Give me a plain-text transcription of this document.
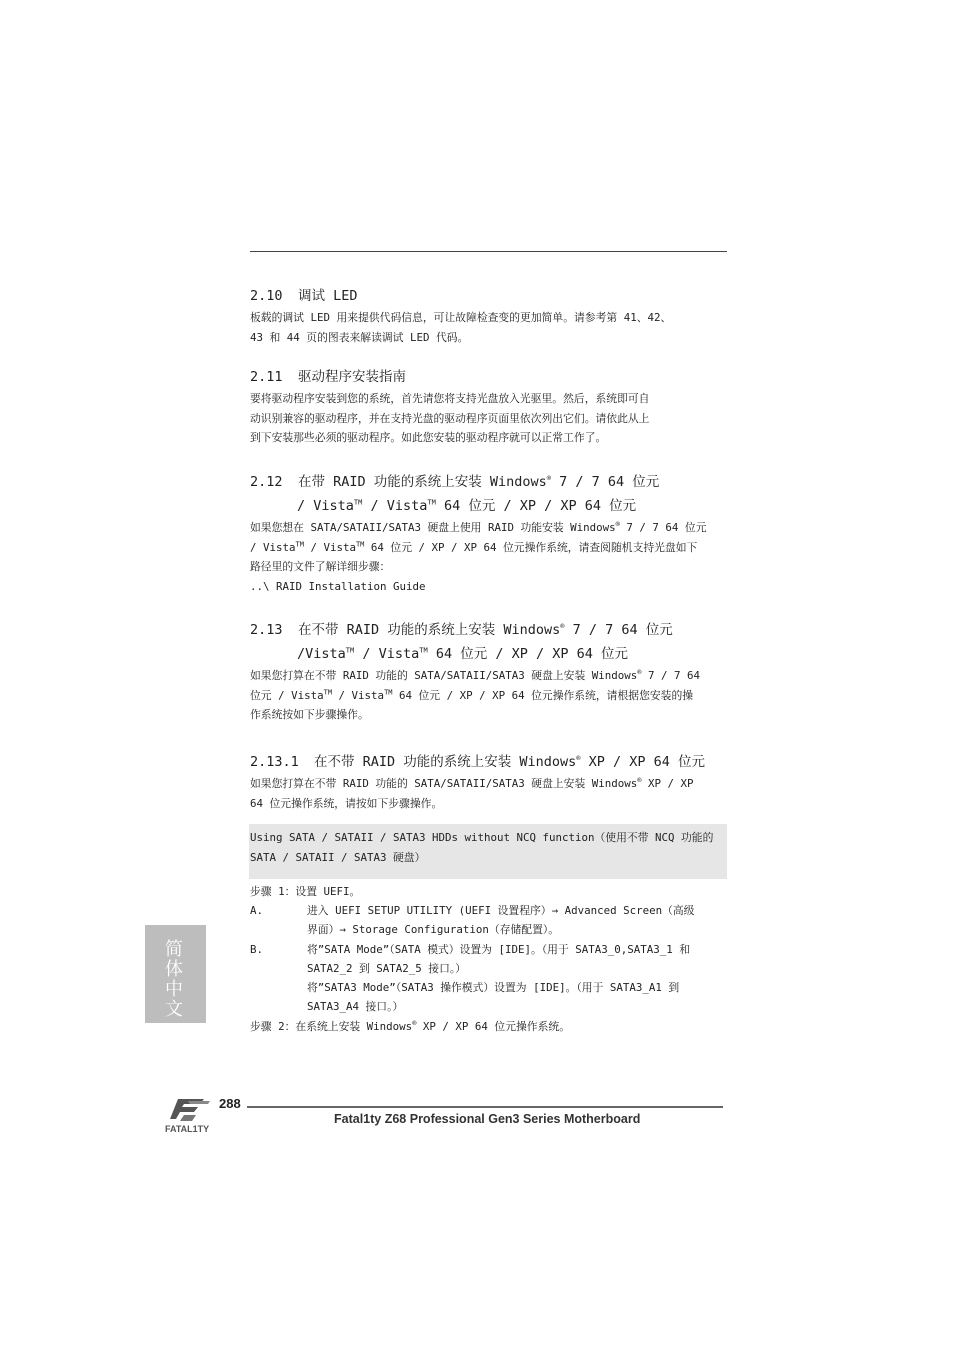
2.10 调试 LED
板载的调试 LED 用来提供代码信息，可让故障检查变的更加简单。请参考第 41、42、
43 和 44 页的图表来解读调试 LED 代码。
2.11 驱动程序安装指南
要将驱动程序安装到您的系统，首先请您将支持光盘放入光驱里。然后，系统即可自
动识别兼容的驱动程序，并在支持光盘的驱动程序页面里依次列出它们。请依此从上
到下安装那些必须的驱动程序。如此您安装的驱动程序就可以正常工作了。
2.12 在带 RAID 功能的系统上安装 Windows® 7 / 7 64 位元
/ Vista™ / Vista™ 64 位元 / XP / XP 64 位元
如果您想在 SATA/SATAII/SATA3 硬盘上使用 RAID 功能安装 Windows® 7 / 7 64 位元
/ Vista™ / Vista™ 64 位元 / XP / XP 64 位元操作系统，请查阅随机支持光盘如下
路径里的文件了解详细步骤：
..\ RAID Installation Guide
2.13 在不带 RAID 功能的系统上安装 Windows® 7 / 7 64 位元
/Vista™ / Vista™ 64 位元 / XP / XP 64 位元
如果您打算在不带 RAID 功能的 SATA/SATAII/SATA3 硬盘上安装 Windows® 7 / 7 64
位元 / Vista™ / Vista™ 64 位元 / XP / XP 64 位元操作系统，请根据您安装的操
作系统按如下步骤操作。
2.13.1 在不带 RAID 功能的系统上安装 Windows® XP / XP 64 位元
如果您打算在不带 RAID 功能的 SATA/SATAII/SATA3 硬盘上安装 Windows® XP / XP
64 位元操作系统，请按如下步骤操作。
Using SATA / SATAII / SATA3 HDDs without NCQ function（使用不带 NCQ 功能的
SATA / SATAII / SATA3 硬盘）
步骤 1：设置 UEFI。
A.	进入 UEFI SETUP UTILITY (UEFI 设置程序）→ Advanced Screen（高级
界面）→ Storage Configuration（存储配置）。
B.	将”SATA Mode”（SATA 模式）设置为 [IDE]。（用于 SATA3_0,SATA3_1 和
SATA2_2 到 SATA2_5 接口。）
将”SATA3 Mode”（SATA3 操作模式）设置为 [IDE]。（用于 SATA3_A1 到
SATA3_A4 接口。）
步骤 2：在系统上安装 Windows® XP / XP 64 位元操作系统。
简体中文
FATAL1TY
288
Fatal1ty Z68 Professional Gen3 Series Motherboard
